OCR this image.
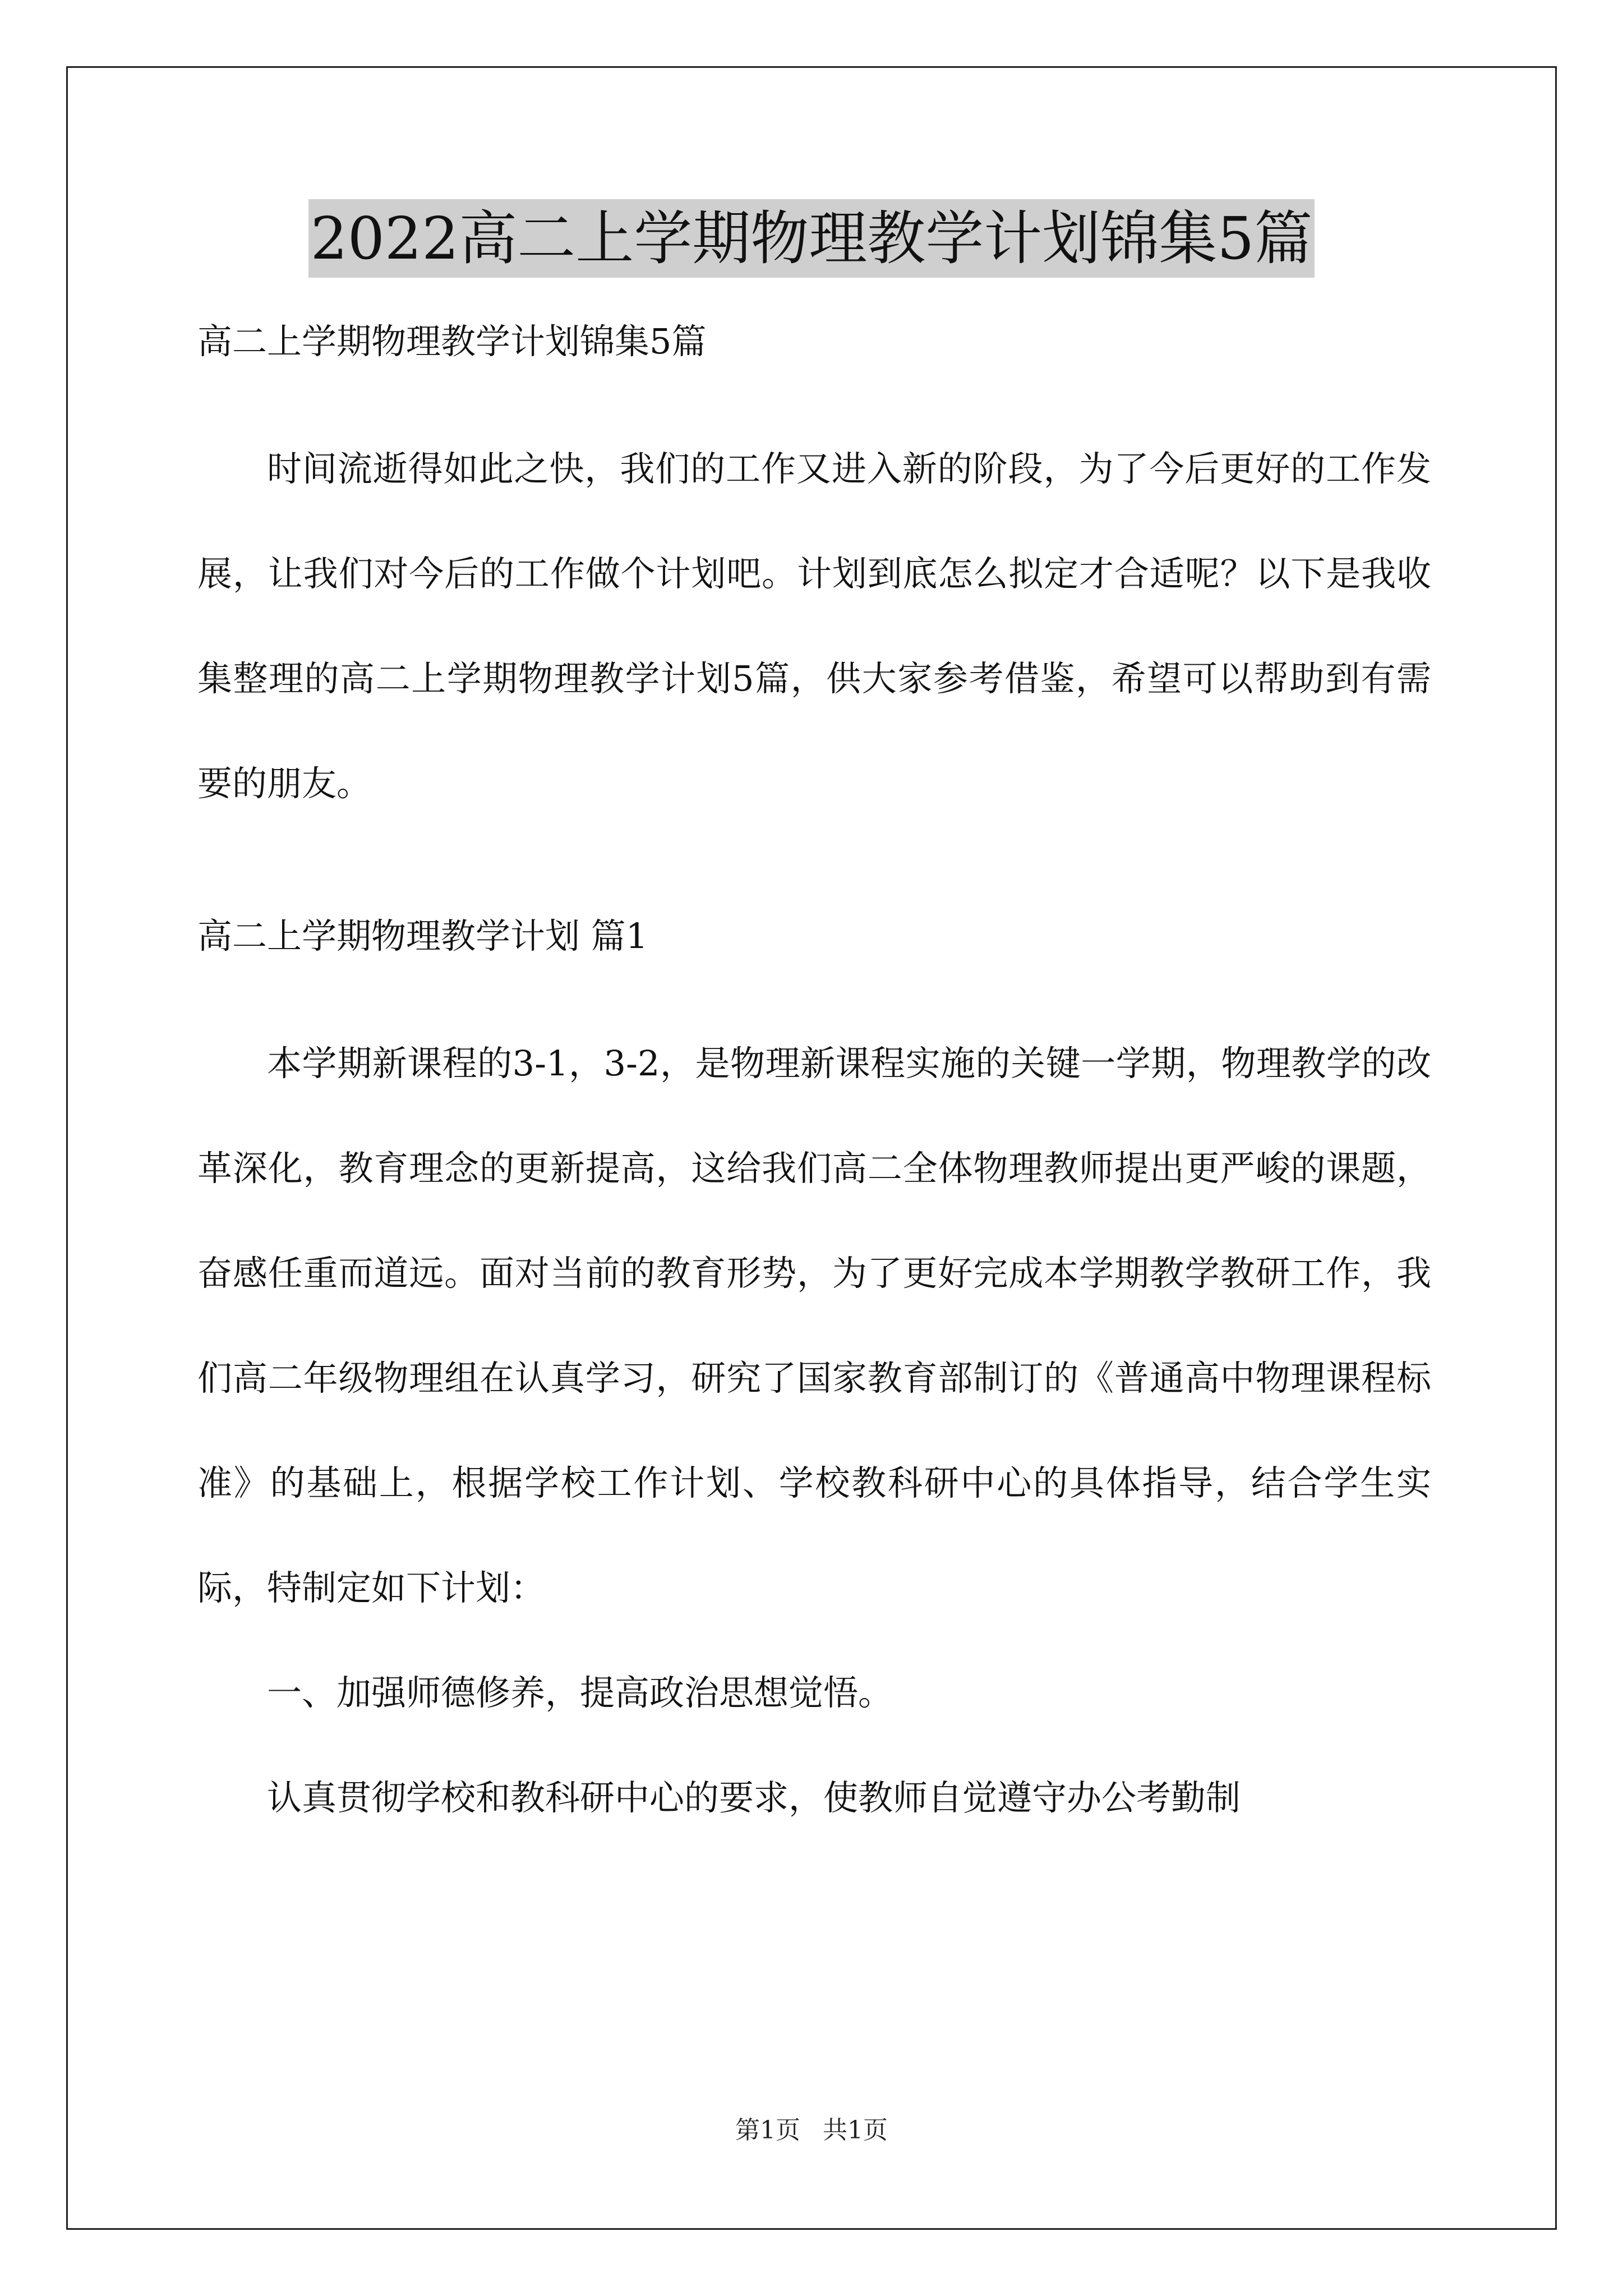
2022高二上学期物理教学计划锦集5篇

高二上学期物理教学计划锦集5篇

时间流逝得如此之快，我们的工作又进入新的阶段，为了今后更好的工作发展，让我们对今后的工作做个计划吧。计划到底怎么拟定才合适呢？以下是我收集整理的高二上学期物理教学计划5篇，供大家参考借鉴，希望可以帮助到有需要的朋友。

高二上学期物理教学计划 篇1

本学期新课程的3-1，3-2，是物理新课程实施的关键一学期，物理教学的改革深化，教育理念的更新提高，这给我们高二全体物理教师提出更严峻的课题，奋感任重而道远。面对当前的教育形势，为了更好完成本学期教学教研工作，我们高二年级物理组在认真学习，研究了国家教育部制订的《普通高中物理课程标准》的基础上，根据学校工作计划、学校教科研中心的具体指导，结合学生实际，特制定如下计划：

一、加强师德修养，提高政治思想觉悟。

认真贯彻学校和教科研中心的要求，使教师自觉遵守办公考勤制

第1页 共1页
